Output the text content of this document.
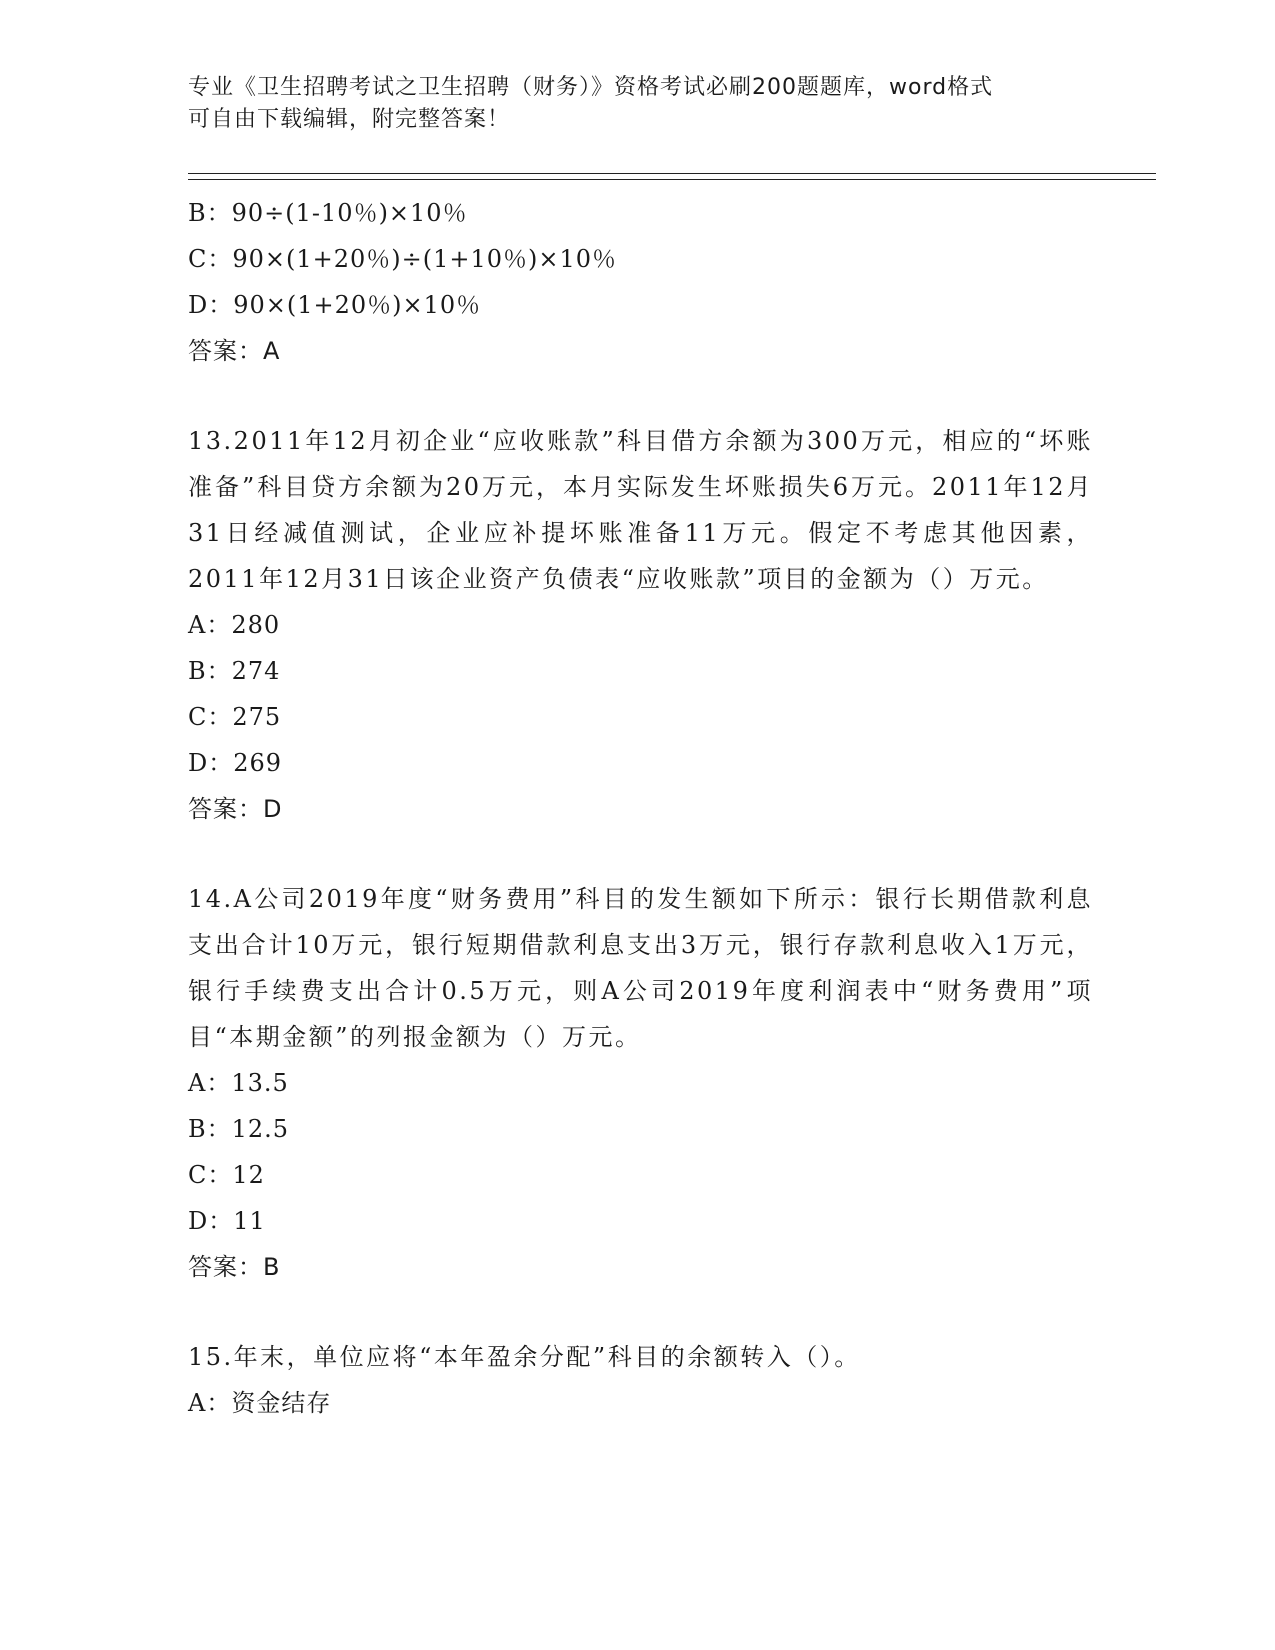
专业《卫生招聘考试之卫生招聘（财务）》资格考试必刷200题题库，word格式
可自由下载编辑，附完整答案！
B：90÷(1-10％)×10％
C：90×(1+20％)÷(1+10％)×10％
D：90×(1+20％)×10％
答案：A
13.2011年12月初企业“应收账款”科目借方余额为300万元，相应的“坏账准备”科目贷方余额为20万元，本月实际发生坏账损失6万元。2011年12月31日经减值测试，企业应补提坏账准备11万元。假定不考虑其他因素，2011年12月31日该企业资产负债表“应收账款”项目的金额为（）万元。
A：280
B：274
C：275
D：269
答案：D
14.A公司2019年度“财务费用”科目的发生额如下所示：银行长期借款利息支出合计10万元，银行短期借款利息支出3万元，银行存款利息收入1万元，银行手续费支出合计0.5万元，则A公司2019年度利润表中“财务费用”项目“本期金额”的列报金额为（）万元。
A：13.5
B：12.5
C：12
D：11
答案：B
15.年末，单位应将“本年盈余分配”科目的余额转入（）。
A：资金结存
